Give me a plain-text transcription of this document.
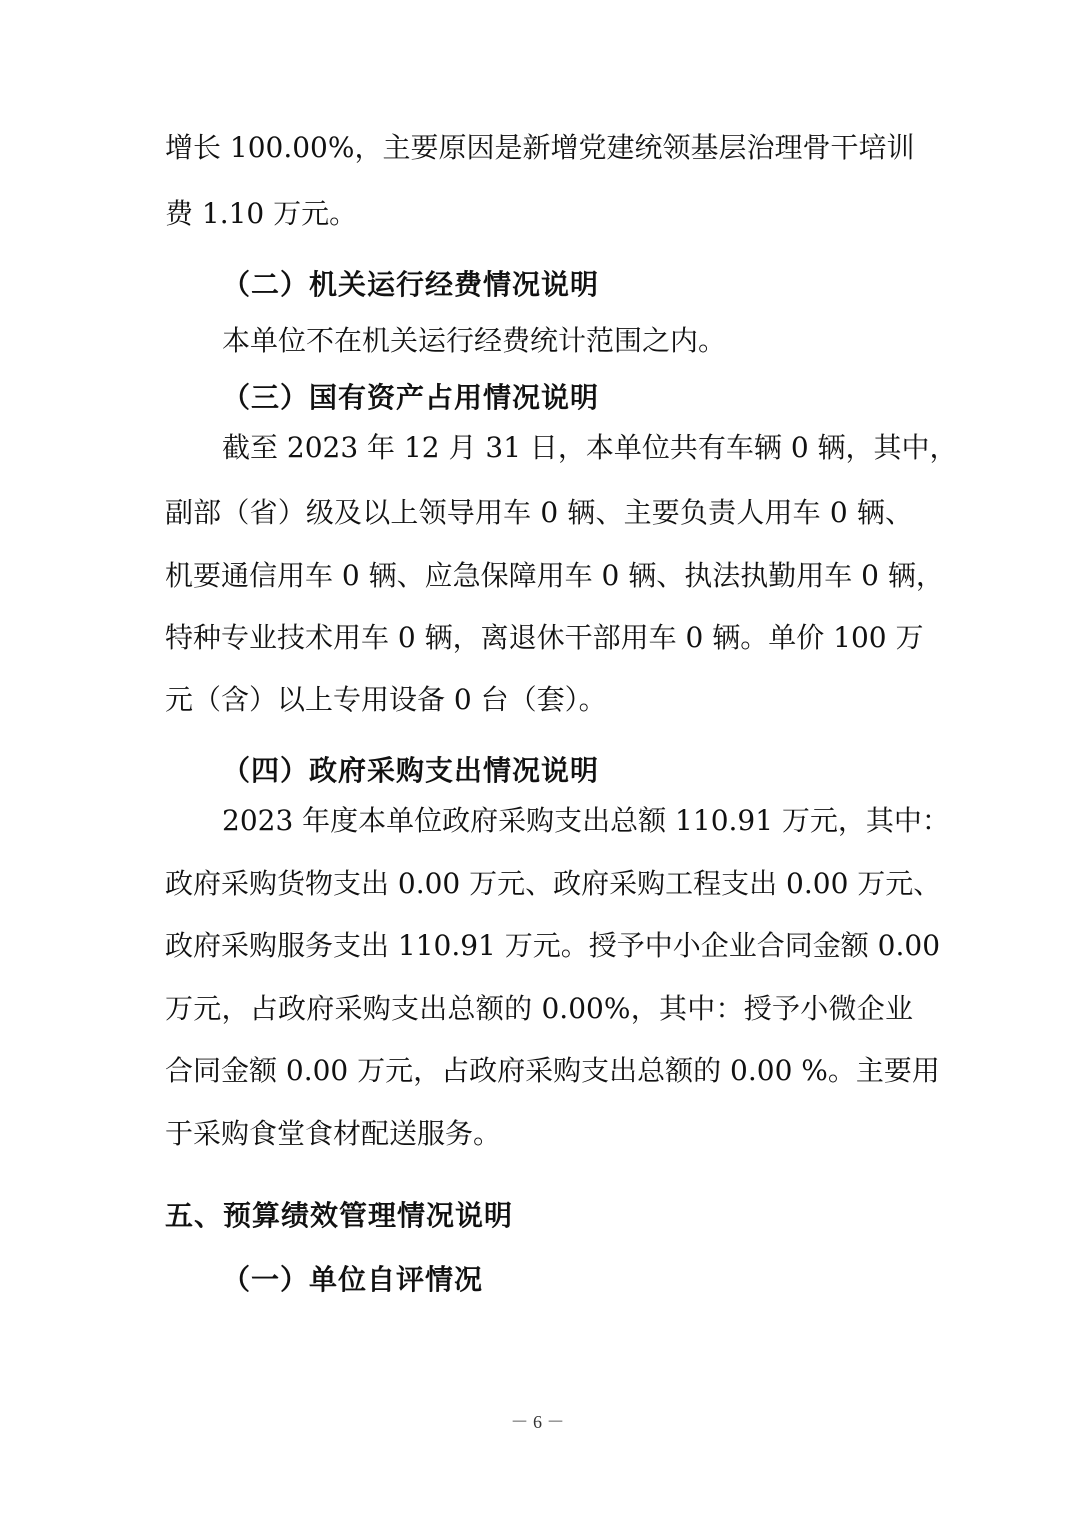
增长 100.00%，主要原因是新增党建统领基层治理骨干培训
费 1.10 万元。
（二）机关运行经费情况说明
本单位不在机关运行经费统计范围之内。
（三）国有资产占用情况说明
截至 2023 年 12 月 31 日，本单位共有车辆 0 辆，其中，
副部（省）级及以上领导用车 0 辆、主要负责人用车 0 辆、
机要通信用车 0 辆、应急保障用车 0 辆、执法执勤用车 0 辆，
特种专业技术用车 0 辆，离退休干部用车 0 辆。单价 100 万
元（含）以上专用设备 0 台（套）。
（四）政府采购支出情况说明
2023 年度本单位政府采购支出总额 110.91 万元，其中：
政府采购货物支出 0.00 万元、政府采购工程支出 0.00 万元、
政府采购服务支出 110.91 万元。授予中小企业合同金额 0.00
万元，占政府采购支出总额的 0.00%，其中：授予小微企业
合同金额 0.00 万元，占政府采购支出总额的 0.00 %。主要用
于采购食堂食材配送服务。
五、预算绩效管理情况说明
（一）单位自评情况
－ 6 －
